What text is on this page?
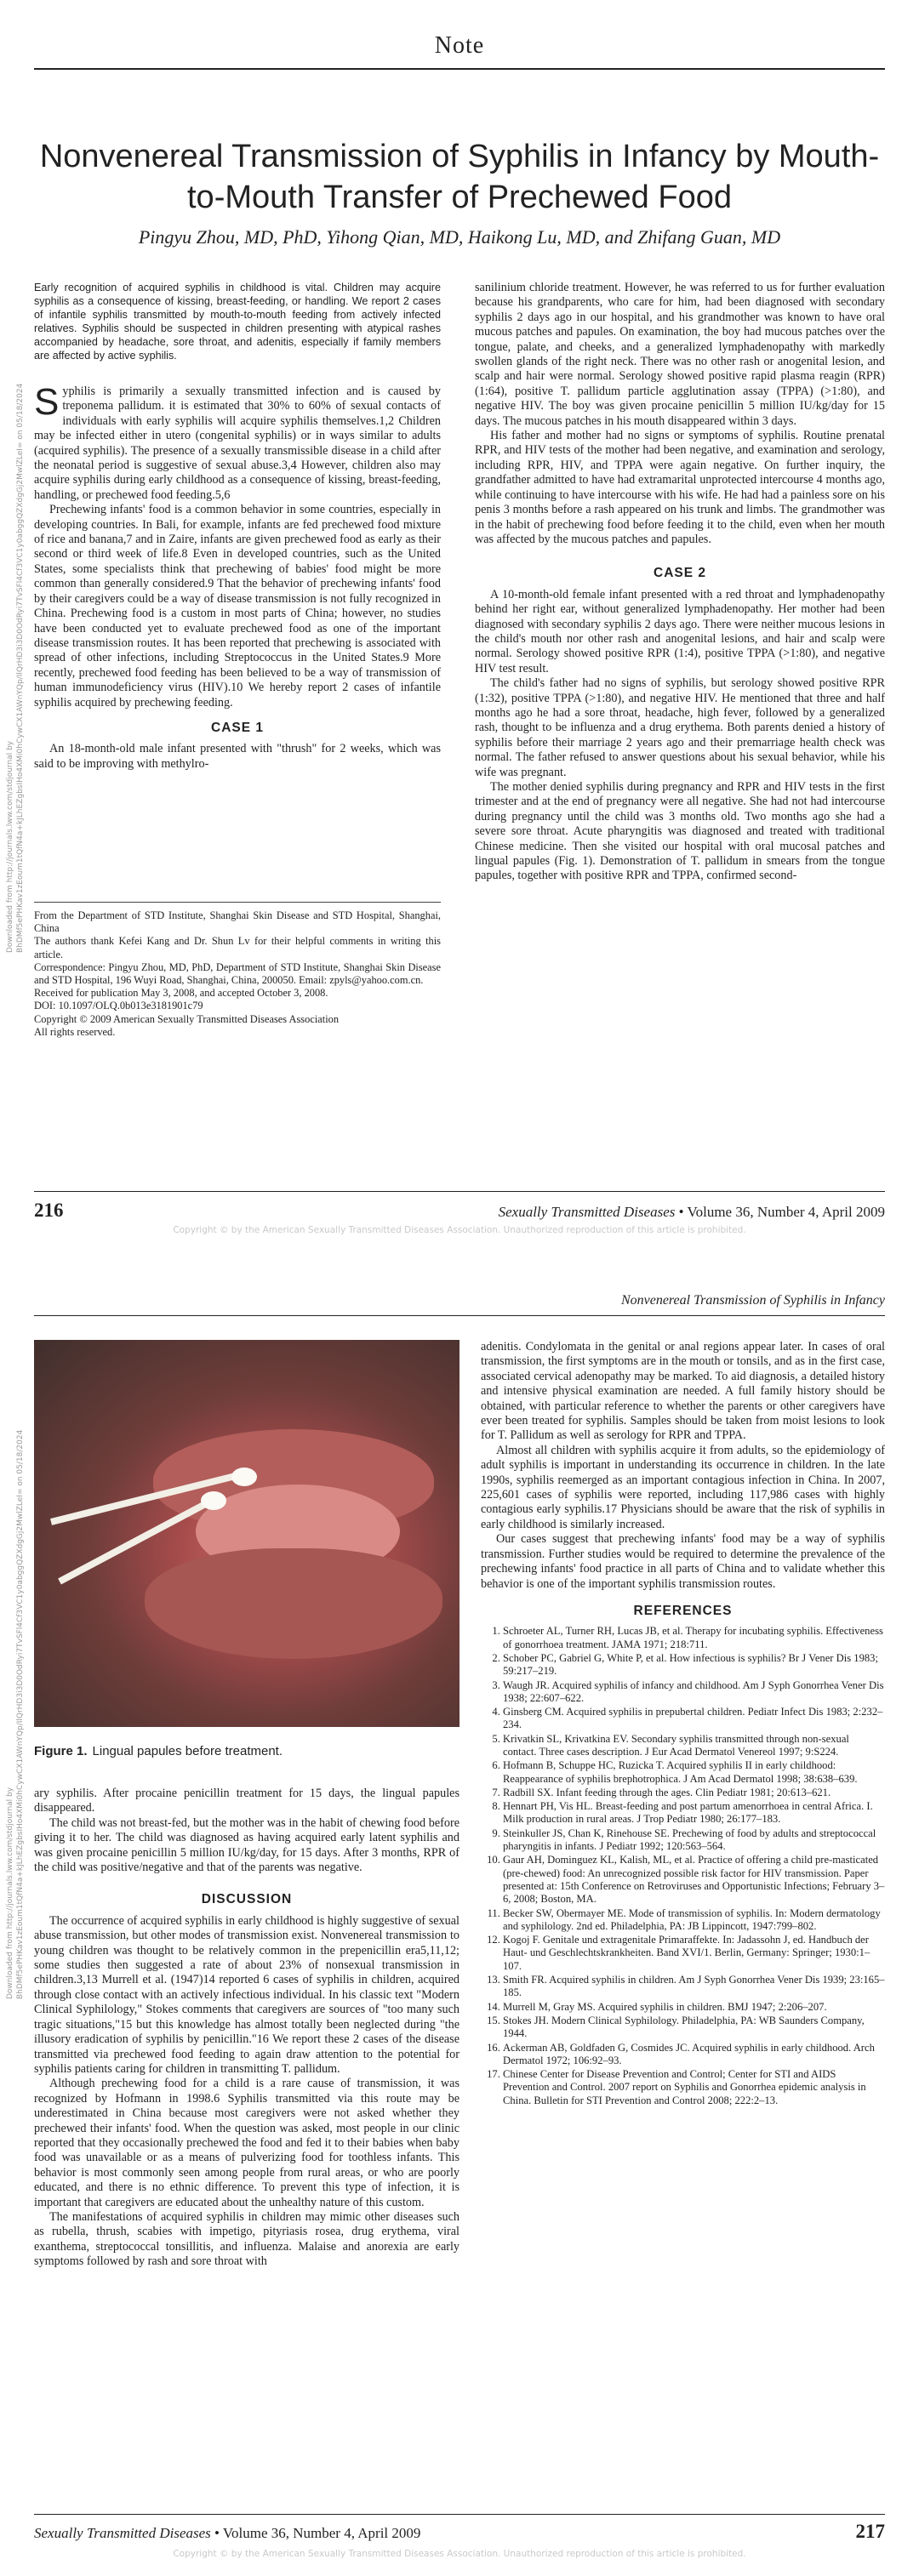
Note
Nonvenereal Transmission of Syphilis in Infancy by Mouth-to-Mouth Transfer of Prechewed Food
Pingyu Zhou, MD, PhD, Yihong Qian, MD, Haikong Lu, MD, and Zhifang Guan, MD
Downloaded from http://journals.lww.com/stdjournal by BhDMf5ePHKav1zEoum1tQfN4a+kJLhEZgbsIHo4XMi0hCywCX1AWnYQp/IlQrHD3i3D0OdRyi7TvSFl4Cf3VC1y0abggQZXdgGj2MwlZLeI= on 05/18/2024

Early recognition of acquired syphilis in childhood is vital. Children may acquire syphilis as a consequence of kissing, breast-feeding, or handling. We report 2 cases of infantile syphilis transmitted by mouth-to-mouth feeding from actively infected relatives. Syphilis should be suspected in children presenting with atypical rashes accompanied by headache, sore throat, and adenitis, especially if family members are affected by active syphilis.

Syphilis is primarily a sexually transmitted infection and is caused by treponema pallidum. it is estimated that 30% to 60% of sexual contacts of individuals with early syphilis will acquire syphilis themselves.1,2 Children may be infected either in utero (congenital syphilis) or in ways similar to adults (acquired syphilis). The presence of a sexually transmissible disease in a child after the neonatal period is suggestive of sexual abuse.3,4 However, children also may acquire syphilis during early childhood as a consequence of kissing, breast-feeding, handling, or prechewed food feeding.5,6

Prechewing infants' food is a common behavior in some countries, especially in developing countries. In Bali, for example, infants are fed prechewed food mixture of rice and banana,7 and in Zaire, infants are given prechewed food as early as their second or third week of life.8 Even in developed countries, such as the United States, some specialists think that prechewing of babies' food might be more common than generally considered.9 That the behavior of prechewing infants' food by their caregivers could be a way of disease transmission is not fully recognized in China. Prechewing food is a custom in most parts of China; however, no studies have been conducted yet to evaluate prechewed food as one of the important disease transmission routes. It has been reported that prechewing is associated with spread of other infections, including Streptococcus in the United States.9 More recently, prechewed food feeding has been believed to be a way of transmission of human immunodeficiency virus (HIV).10 We hereby report 2 cases of infantile syphilis acquired by prechewing feeding.

CASE 1

An 18-month-old male infant presented with "thrush" for 2 weeks, which was said to be improving with methylro-

From the Department of STD Institute, Shanghai Skin Disease and STD Hospital, Shanghai, China

The authors thank Kefei Kang and Dr. Shun Lv for their helpful comments in writing this article.

Correspondence: Pingyu Zhou, MD, PhD, Department of STD Institute, Shanghai Skin Disease and STD Hospital, 196 Wuyi Road, Shanghai, China, 200050. Email: zpyls@yahoo.com.cn.

Received for publication May 3, 2008, and accepted October 3, 2008.

DOI: 10.1097/OLQ.0b013e3181901c79

Copyright © 2009 American Sexually Transmitted Diseases Association

All rights reserved.

sanilinium chloride treatment. However, he was referred to us for further evaluation because his grandparents, who care for him, had been diagnosed with secondary syphilis 2 days ago in our hospital, and his grandmother was known to have oral mucous patches and papules. On examination, the boy had mucous patches over the tongue, palate, and cheeks, and a generalized lymphadenopathy with markedly swollen glands of the right neck. There was no other rash or anogenital lesion, and scalp and hair were normal. Serology showed positive rapid plasma reagin (RPR) (1:64), positive T. pallidum particle agglutination assay (TPPA) (>1:80), and negative HIV. The boy was given procaine penicillin 5 million IU/kg/day for 15 days. The mucous patches in his mouth disappeared within 3 days.

His father and mother had no signs or symptoms of syphilis. Routine prenatal RPR, and HIV tests of the mother had been negative, and examination and serology, including RPR, HIV, and TPPA were again negative. On further inquiry, the grandfather admitted to have had extramarital unprotected intercourse 4 months ago, while continuing to have intercourse with his wife. He had had a painless sore on his penis 3 months before a rash appeared on his trunk and limbs. The grandmother was in the habit of prechewing food before feeding it to the child, even when her mouth was affected by the mucous patches and papules.

CASE 2

A 10-month-old female infant presented with a red throat and lymphadenopathy behind her right ear, without generalized lymphadenopathy. Her mother had been diagnosed with secondary syphilis 2 days ago. There were neither mucous lesions in the child's mouth nor other rash and anogenital lesions, and hair and scalp were normal. Serology showed positive RPR (1:4), positive TPPA (>1:80), and negative HIV test result.

The child's father had no signs of syphilis, but serology showed positive RPR (1:32), positive TPPA (>1:80), and negative HIV. He mentioned that three and half months ago he had a sore throat, headache, high fever, followed by a generalized rash, thought to be influenza and a drug erythema. Both parents denied a history of syphilis before their marriage 2 years ago and their premarriage health check was normal. The father refused to answer questions about his sexual behavior, while his wife was pregnant.

The mother denied syphilis during pregnancy and RPR and HIV tests in the first trimester and at the end of pregnancy were all negative. She had not had intercourse during pregnancy until the child was 3 months old. Two months ago she had a severe sore throat. Acute pharyngitis was diagnosed and treated with traditional Chinese medicine. Then she visited our hospital with oral mucosal patches and lingual papules (Fig. 1). Demonstration of T. pallidum in smears from the tongue papules, together with positive RPR and TPPA, confirmed second-

216	Sexually Transmitted Diseases • Volume 36, Number 4, April 2009
Copyright © by the American Sexually Transmitted Diseases Association. Unauthorized reproduction of this article is prohibited.
Nonvenereal Transmission of Syphilis in Infancy
Downloaded from http://journals.lww.com/stdjournal by BhDMf5ePHKav1zEoum1tQfN4a+kJLhEZgbsIHo4XMi0hCywCX1AWnYQp/IlQrHD3i3D0OdRyi7TvSFl4Cf3VC1y0abggQZXdgGj2MwlZLeI= on 05/18/2024 Figure 1. Lingual papules before treatment.

ary syphilis. After procaine penicillin treatment for 15 days, the lingual papules disappeared.

The child was not breast-fed, but the mother was in the habit of chewing food before giving it to her. The child was diagnosed as having acquired early latent syphilis and was given procaine penicillin 5 million IU/kg/day, for 15 days. After 3 months, RPR of the child was positive/negative and that of the parents was negative.

DISCUSSION

The occurrence of acquired syphilis in early childhood is highly suggestive of sexual abuse transmission, but other modes of transmission exist. Nonvenereal transmission to young children was thought to be relatively common in the prepenicillin era5,11,12; some studies then suggested a rate of about 23% of nonsexual transmission in children.3,13 Murrell et al. (1947)14 reported 6 cases of syphilis in children, acquired through close contact with an actively infectious individual. In his classic text "Modern Clinical Syphilology," Stokes comments that caregivers are sources of "too many such tragic situations,"15 but this knowledge has almost totally been neglected during "the illusory eradication of syphilis by penicillin."16 We report these 2 cases of the disease transmitted via prechewed food feeding to again draw attention to the potential for syphilis patients caring for children in transmitting T. pallidum.

Although prechewing food for a child is a rare cause of transmission, it was recognized by Hofmann in 1998.6 Syphilis transmitted via this route may be underestimated in China because most caregivers were not asked whether they prechewed their infants' food. When the question was asked, most people in our clinic reported that they occasionally prechewed the food and fed it to their babies when baby food was unavailable or as a means of pulverizing food for toothless infants. This behavior is most commonly seen among people from rural areas, or who are poorly educated, and there is no ethnic difference. To prevent this type of infection, it is important that caregivers are educated about the unhealthy nature of this custom.

The manifestations of acquired syphilis in children may mimic other diseases such as rubella, thrush, scabies with impetigo, pityriasis rosea, drug erythema, viral exanthema, streptococcal tonsillitis, and influenza. Malaise and anorexia are early symptoms followed by rash and sore throat with

adenitis. Condylomata in the genital or anal regions appear later. In cases of oral transmission, the first symptoms are in the mouth or tonsils, and as in the first case, associated cervical adenopathy may be marked. To aid diagnosis, a detailed history and intensive physical examination are needed. A full family history should be obtained, with particular reference to whether the parents or other caregivers have ever been treated for syphilis. Samples should be taken from moist lesions to look for T. Pallidum as well as serology for RPR and TPPA.

Almost all children with syphilis acquire it from adults, so the epidemiology of adult syphilis is important in understanding its occurrence in children. In the late 1990s, syphilis reemerged as an important contagious infection in China. In 2007, 225,601 cases of syphilis were reported, including 117,986 cases with highly contagious early syphilis.17 Physicians should be aware that the risk of syphilis in early childhood is similarly increased.

Our cases suggest that prechewing infants' food may be a way of syphilis transmission. Further studies would be required to determine the prevalence of the prechewing infants' food practice in all parts of China and to validate whether this behavior is one of the important syphilis transmission routes.

REFERENCES
1. Schroeter AL, Turner RH, Lucas JB, et al. Therapy for incubating syphilis. Effectiveness of gonorrhoea treatment. JAMA 1971; 218:711.
2. Schober PC, Gabriel G, White P, et al. How infectious is syphilis? Br J Vener Dis 1983; 59:217–219.
3. Waugh JR. Acquired syphilis of infancy and childhood. Am J Syph Gonorrhea Vener Dis 1938; 22:607–622.
4. Ginsberg CM. Acquired syphilis in prepubertal children. Pediatr Infect Dis 1983; 2:232–234.
5. Krivatkin SL, Krivatkina EV. Secondary syphilis transmitted through non-sexual contact. Three cases description. J Eur Acad Dermatol Venereol 1997; 9:S224.
6. Hofmann B, Schuppe HC, Ruzicka T. Acquired syphilis II in early childhood: Reappearance of syphilis brephotrophica. J Am Acad Dermatol 1998; 38:638–639.
7. Radbill SX. Infant feeding through the ages. Clin Pediatr 1981; 20:613–621.
8. Hennart PH, Vis HL. Breast-feeding and post partum amenorrhoea in central Africa. I. Milk production in rural areas. J Trop Pediatr 1980; 26:177–183.
9. Steinkuller JS, Chan K, Rinehouse SE. Prechewing of food by adults and streptococcal pharyngitis in infants. J Pediatr 1992; 120:563–564.
10. Gaur AH, Dominguez KL, Kalish, ML, et al. Practice of offering a child pre-masticated (pre-chewed) food: An unrecognized possible risk factor for HIV transmission. Paper presented at: 15th Conference on Retroviruses and Opportunistic Infections; February 3–6, 2008; Boston, MA.
11. Becker SW, Obermayer ME. Mode of transmission of syphilis. In: Modern dermatology and syphilology. 2nd ed. Philadelphia, PA: JB Lippincott, 1947:799–802.
12. Kogoj F. Genitale und extragenitale Primaraffekte. In: Jadassohn J, ed. Handbuch der Haut- und Geschlechtskrankheiten. Band XVI/1. Berlin, Germany: Springer; 1930:1–107.
13. Smith FR. Acquired syphilis in children. Am J Syph Gonorrhea Vener Dis 1939; 23:165–185.
14. Murrell M, Gray MS. Acquired syphilis in children. BMJ 1947; 2:206–207.
15. Stokes JH. Modern Clinical Syphilology. Philadelphia, PA: WB Saunders Company, 1944.
16. Ackerman AB, Goldfaden G, Cosmides JC. Acquired syphilis in early childhood. Arch Dermatol 1972; 106:92–93.
17. Chinese Center for Disease Prevention and Control; Center for STI and AIDS Prevention and Control. 2007 report on Syphilis and Gonorrhea epidemic analysis in China. Bulletin for STI Prevention and Control 2008; 222:2–13.
Sexually Transmitted Diseases • Volume 36, Number 4, April 2009	217
Copyright © by the American Sexually Transmitted Diseases Association. Unauthorized reproduction of this article is prohibited.
